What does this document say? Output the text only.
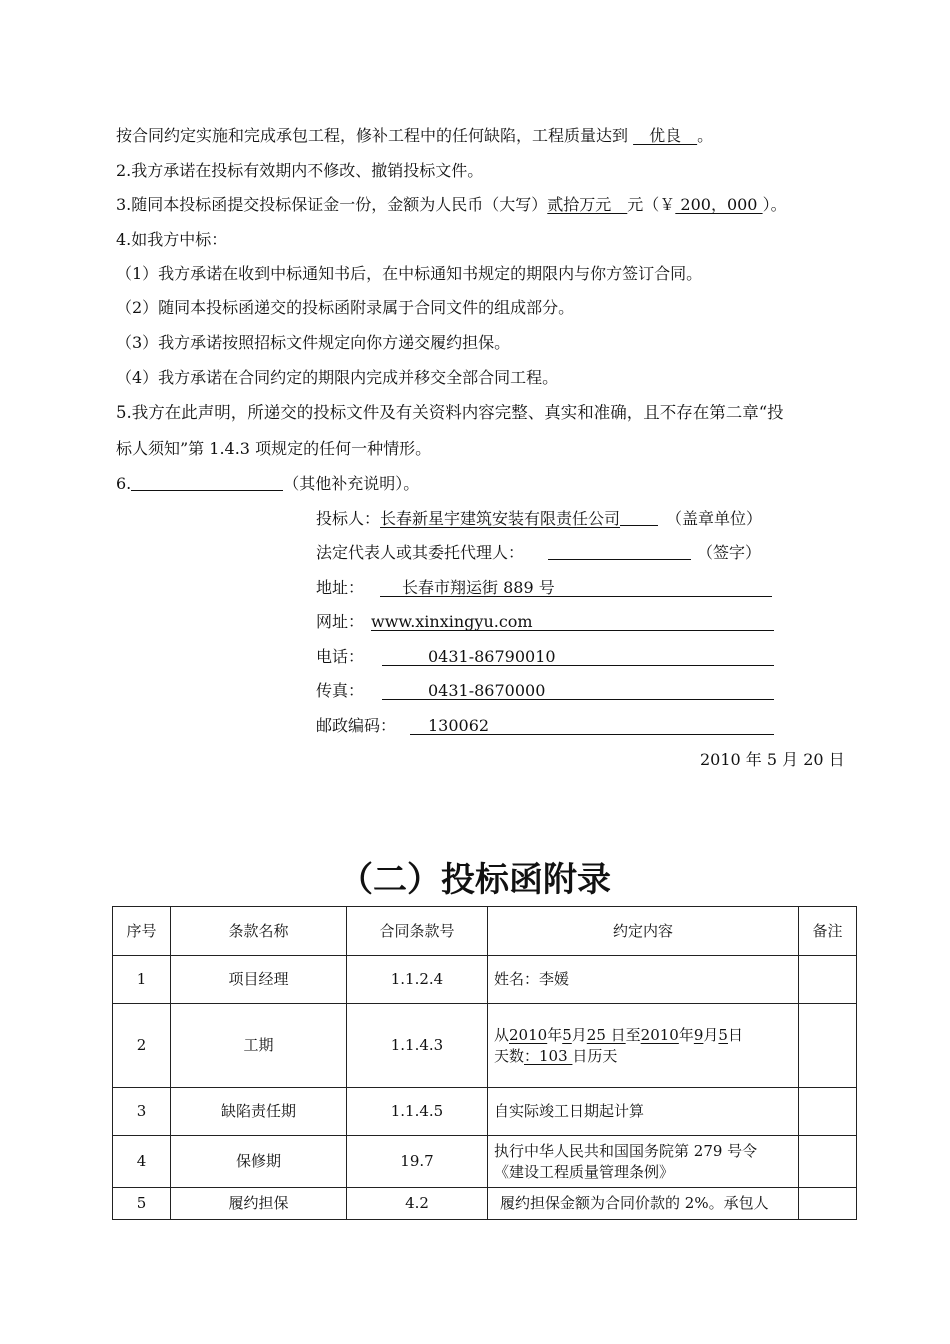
按合同约定实施和完成承包工程，修补工程中的任何缺陷，工程质量达到 　优良　。
2.我方承诺在投标有效期内不修改、撤销投标文件。
3.随同本投标函提交投标保证金一份，金额为人民币（大写）贰拾万元　元（￥ 200，000 ）。
4.如我方中标：
（1）我方承诺在收到中标通知书后，在中标通知书规定的期限内与你方签订合同。
（2）随同本投标函递交的投标函附录属于合同文件的组成部分。
（3）我方承诺按照招标文件规定向你方递交履约担保。
（4）我方承诺在合同约定的期限内完成并移交全部合同工程。
5.我方在此声明，所递交的投标文件及有关资料内容完整、真实和准确，且不存在第二章“投
标人须知”第 1.4.3 项规定的任何一种情形。
6.	（其他补充说明）。
投标人：长春新星宇建筑安装有限责任公司	（盖章单位）
法定代表人或其委托代理人：	（签字）
地址：	长春市翔运街 889 号
网址： www.xinxingyu.com
电话：	0431-86790010
传真：	0431-8670000
邮政编码：	130062
2010 年 5 月 20 日
（二）投标函附录
序号	条款名称	合同条款号	约定内容	备注
1	项目经理	1.1.2.4	姓名：李媛	
2	工期	1.1.4.3	从2010年5月25 日至2010年9月5日
天数：103 日历天	

3	缺陷责任期	1.1.4.5	自实际竣工日期起计算	
4	保修期	19.7	执行中华人民共和国国务院第 279 号令
《建设工程质量管理条例》	

5	履约担保	4.2	履约担保金额为合同价款的 2%。承包人	
